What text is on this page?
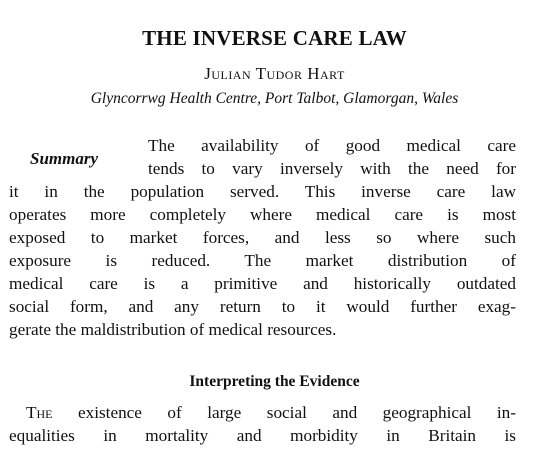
THE INVERSE CARE LAW
Julian Tudor Hart
Glyncorrwg Health Centre, Port Talbot, Glamorgan, Wales
Summary
The availability of good medical care
tends to vary inversely with the need for
it in the population served. This inverse care law
operates more completely where medical care is most
exposed to market forces, and less so where such
exposure is reduced. The market distribution of
medical care is a primitive and historically outdated
social form, and any return to it would further exag-
gerate the maldistribution of medical resources.
Interpreting the Evidence
The existence of large social and geographical in-
equalities in mortality and morbidity in Britain is
